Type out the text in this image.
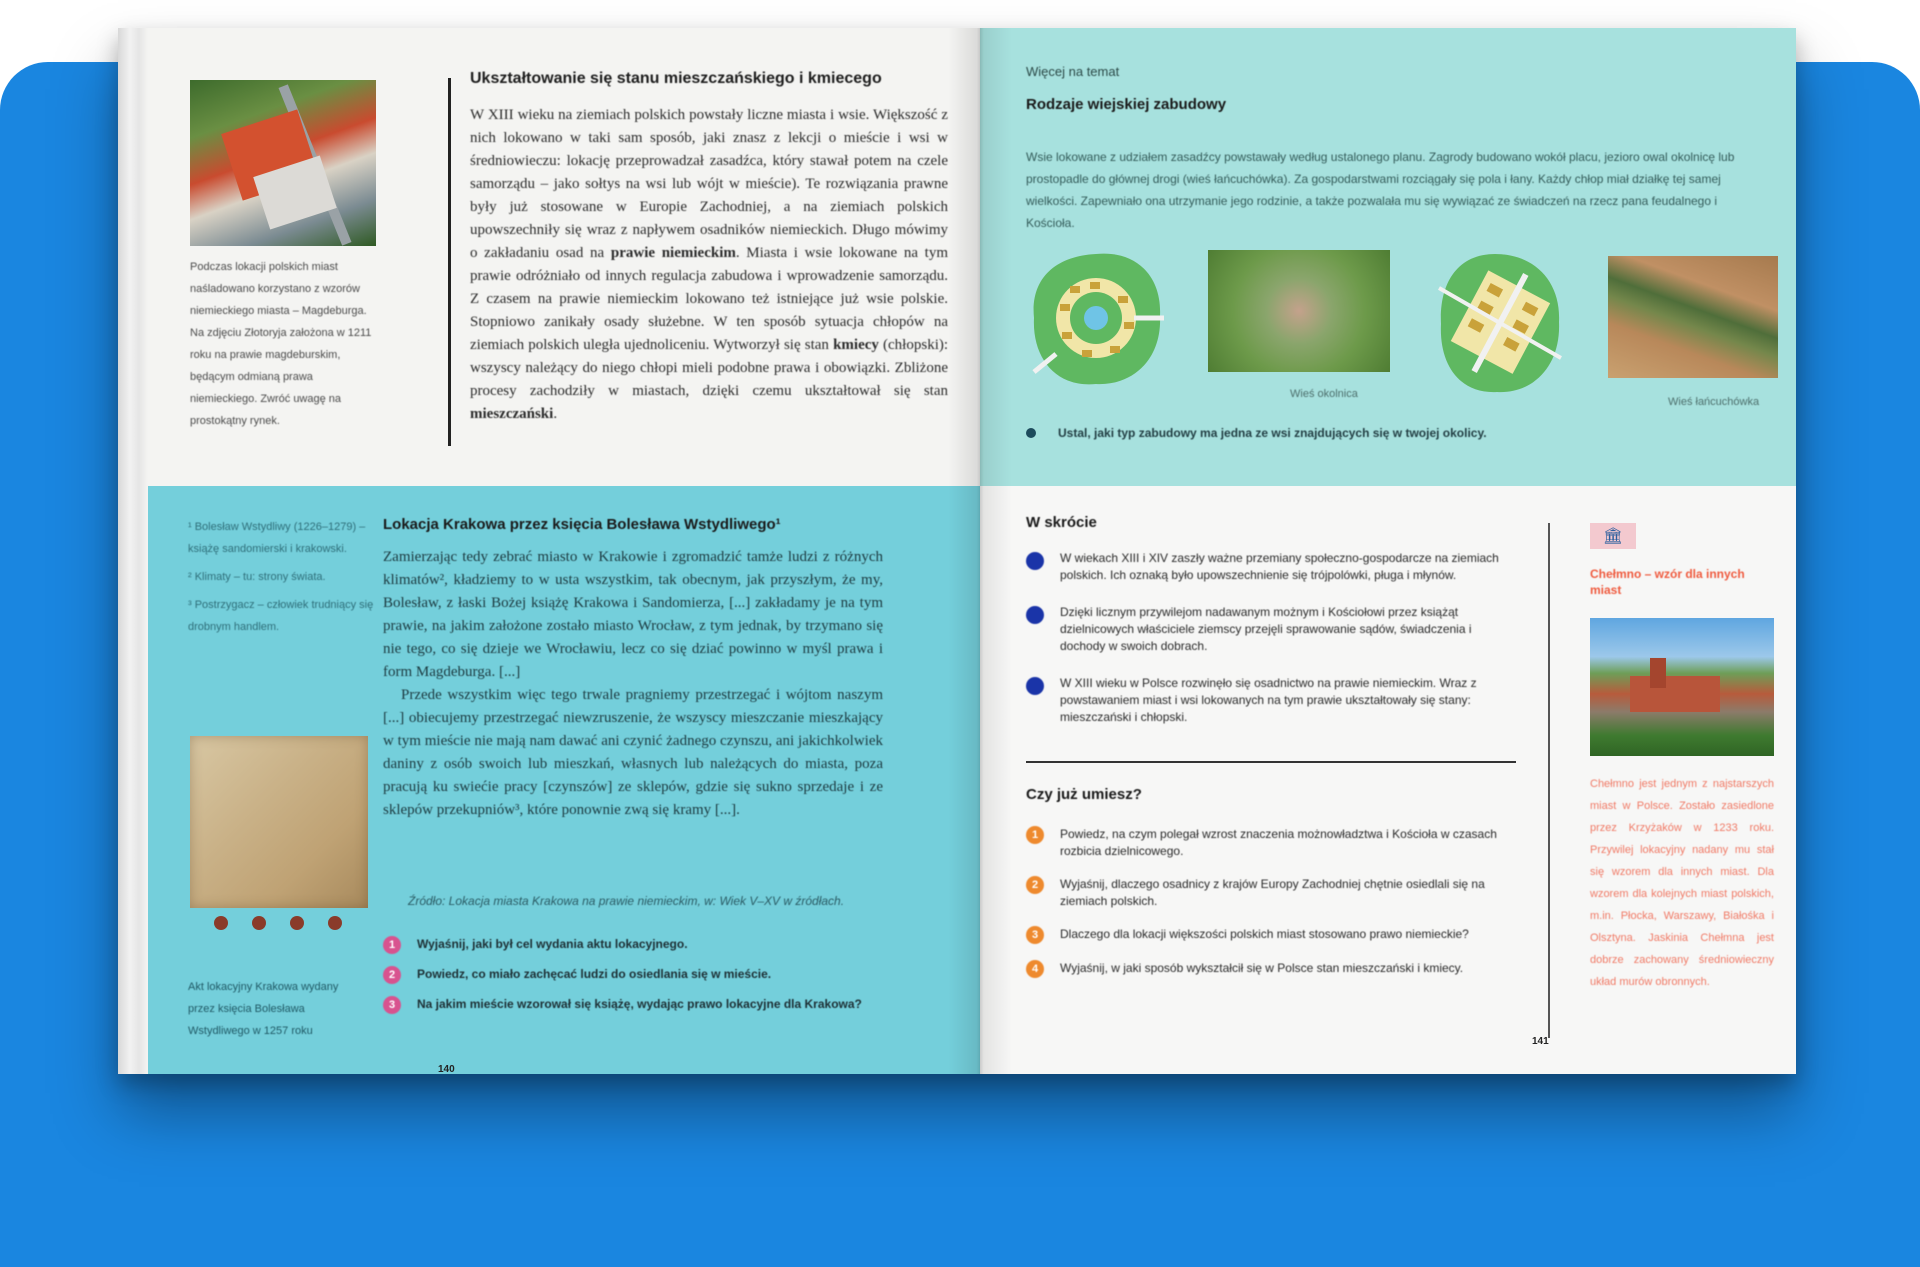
Podczas lokacji polskich miast naśladowano korzystano z wzorów niemieckiego miasta – Magdeburga. Na zdjęciu Złotoryja założona w 1211 roku na prawie magdeburskim, będącym odmianą prawa niemieckiego. Zwróć uwagę na prostokątny rynek.
Ukształtowanie się stanu mieszczańskiego i kmiecego
W XIII wieku na ziemiach polskich powstały liczne miasta i wsie. Większość z nich lokowano w taki sam sposób, jaki znasz z lekcji o mieście i wsi w średniowieczu: lokację przeprowadzał zasadźca, który stawał potem na czele samorządu – jako sołtys na wsi lub wójt w mieście). Te rozwiązania prawne były już stosowane w Europie Zachodniej, a na ziemiach polskich upowszechniły się wraz z napływem osadników niemieckich. Długo mówimy o zakładaniu osad na prawie niemieckim. Miasta i wsie lokowane na tym prawie odróżniało od innych regulacja zabudowa i wprowadzenie samorządu. Z czasem na prawie niemieckim lokowano też istniejące już wsie polskie. Stopniowo zanikały osady służebne. W ten sposób sytuacja chłopów na ziemiach polskich uległa ujednoliceniu. Wytworzył się stan kmiecy (chłopski): wszyscy należący do niego chłopi mieli podobne prawa i obowiązki. Zbliżone procesy zachodziły w miastach, dzięki czemu ukształtował się stan mieszczański.
¹ Bolesław Wstydliwy (1226–1279) – książę sandomierski i krakowski.
² Klimaty – tu: strony świata.
³ Postrzygacz – człowiek trudniący się drobnym handlem.
Akt lokacyjny Krakowa wydany przez księcia Bolesława Wstydliwego w 1257 roku
Lokacja Krakowa przez księcia Bolesława Wstydliwego¹
Zamierzając tedy zebrać miasto w Krakowie i zgromadzić tamże ludzi z różnych klimatów², kładziemy to w usta wszystkim, tak obecnym, jak przyszłym, że my, Bolesław, z łaski Bożej książę Krakowa i Sandomierza, [...] zakładamy je na tym prawie, na jakim założone zostało miasto Wrocław, z tym jednak, by trzymano się nie tego, co się dzieje we Wrocławiu, lecz co się dziać powinno w myśl prawa i form Magdeburga. [...]
Przede wszystkim więc tego trwale pragniemy przestrzegać i wójtom naszym [...] obiecujemy przestrzegać niewzruszenie, że wszyscy mieszczanie mieszkający w tym mieście nie mają nam dawać ani czynić żadnego czynszu, ani jakichkolwiek daniny z osób swoich lub mieszkań, własnych lub należących do miasta, poza pracują ku swiećie pracy [czynszów] ze sklepów, gdzie się sukno sprzedaje i ze sklepów przekupniów³, które ponownie zwą się kramy [...].
Źródło: Lokacja miasta Krakowa na prawie niemieckim, w: Wiek V–XV w źródłach.
1	Wyjaśnij, jaki był cel wydania aktu lokacyjnego.
2	Powiedz, co miało zachęcać ludzi do osiedlania się w mieście.
3	Na jakim mieście wzorował się książę, wydając prawo lokacyjne dla Krakowa?
140
Więcej na temat
Rodzaje wiejskiej zabudowy
Wsie lokowane z udziałem zasadźcy powstawały według ustalonego planu. Zagrody budowano wokół placu, jezioro owal okolnicę lub prostopadle do głównej drogi (wieś łańcuchówka). Za gospodarstwami rozciągały się pola i łany. Każdy chłop miał działkę tej samej wielkości. Zapewniało ona utrzymanie jego rodzinie, a także pozwalała mu się wywiązać ze świadczeń na rzecz pana feudalnego i Kościoła.
Wieś okolnica
Wieś łańcuchówka
Ustal, jaki typ zabudowy ma jedna ze wsi znajdujących się w twojej okolicy.
W skrócie
W wiekach XIII i XIV zaszły ważne przemiany społeczno-gospodarcze na ziemiach polskich. Ich oznaką było upowszechnienie się trójpolówki, pługa i młynów.
Dzięki licznym przywilejom nadawanym możnym i Kościołowi przez książąt dzielnicowych właściciele ziemscy przejęli sprawowanie sądów, świadczenia i dochody w swoich dobrach.
W XIII wieku w Polsce rozwinęło się osadnictwo na prawie niemieckim. Wraz z powstawaniem miast i wsi lokowanych na tym prawie ukształtowały się stany: mieszczański i chłopski.
Czy już umiesz?
1	Powiedz, na czym polegał wzrost znaczenia możnowładztwa i Kościoła w czasach rozbicia dzielnicowego.
2	Wyjaśnij, dlaczego osadnicy z krajów Europy Zachodniej chętnie osiedlali się na ziemiach polskich.
3	Dlaczego dla lokacji większości polskich miast stosowano prawo niemieckie?
4	Wyjaśnij, w jaki sposób wykształcił się w Polsce stan mieszczański i kmiecy.
141
🏛
Chełmno – wzór dla innych miast
Chełmno jest jednym z najstarszych miast w Polsce. Zostało zasiedlone przez Krzyżaków w 1233 roku. Przywilej lokacyjny nadany mu stał się wzorem dla innych miast. Dla wzorem dla kolejnych miast polskich, m.in. Płocka, Warszawy, Białośka i Olsztyna. Jaskinia Chełmna jest dobrze zachowany średniowieczny układ murów obronnych.
